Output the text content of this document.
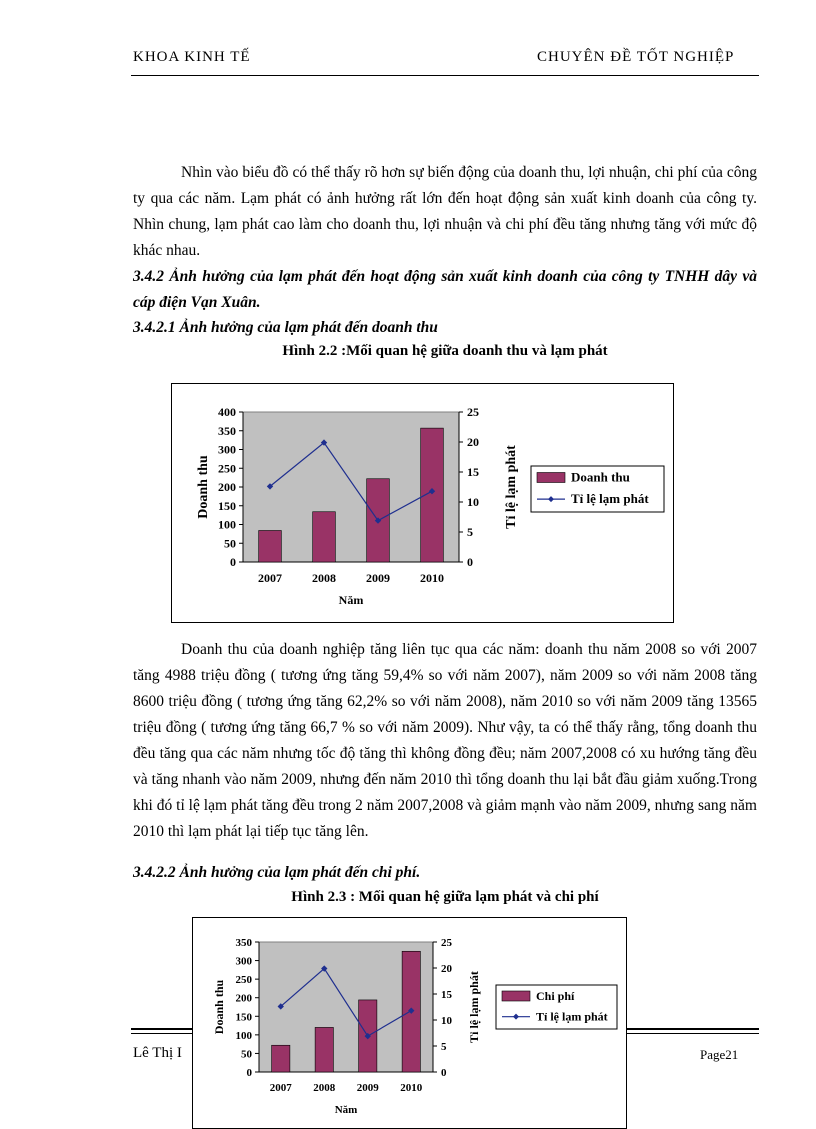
KHOA KINH TẾ	CHUYÊN ĐỀ TỐT NGHIỆP

Nhìn vào biểu đồ có thể thấy rõ hơn sự biến động của doanh thu, lợi nhuận, chi phí của công ty qua các năm. Lạm phát có ảnh hưởng rất lớn đến hoạt động sản xuất kinh doanh của công ty. Nhìn chung, lạm phát cao làm cho doanh thu, lợi nhuận và chi phí đều tăng nhưng tăng với mức độ khác nhau.

3.4.2 Ảnh hưởng của lạm phát đến hoạt động sản xuất kinh doanh của công ty TNHH dây và cáp điện Vạn Xuân.

3.4.2.1 Ảnh hưởng của lạm phát đến doanh thu

Hình 2.2 :Mối quan hệ giữa doanh thu và lạm phát

0
50
100
150
200
250
300
350
400
0
5
10
15
20
25
2007	2008	2009	2010
Năm
Doanh thu	Tỉ lệ lạm phát	Doanh thu
Tỉ lệ lạm phát

Doanh thu của doanh nghiệp tăng liên tục qua các năm: doanh thu năm 2008 so với 2007 tăng 4988 triệu đồng ( tương ứng tăng 59,4% so với năm 2007), năm 2009 so với năm 2008 tăng 8600 triệu đồng ( tương ứng tăng 62,2% so với năm 2008), năm 2010 so với năm 2009 tăng 13565 triệu đồng ( tương ứng tăng 66,7 % so với năm 2009). Như vậy, ta có thể thấy rằng, tổng doanh thu đều tăng qua các năm nhưng tốc độ tăng thì không đồng đều; năm 2007,2008 có xu hướng tăng đều và tăng nhanh vào năm 2009, nhưng đến năm 2010 thì tổng doanh thu lại bắt đầu giảm xuống.Trong khi đó tỉ lệ lạm phát tăng đều trong 2 năm 2007,2008 và giảm mạnh vào năm 2009, nhưng sang năm 2010 thì lạm phát lại tiếp tục tăng lên.

3.4.2.2 Ảnh hưởng của lạm phát đến chi phí.

Hình 2.3 : Mối quan hệ giữa lạm phát và chi phí

Lê Thị I	Page21
0
50
100
150
200
250
300
350
0
5
10
15
20
25
2007 2008 2009 2010
Năm
Doanh thu	Tỉ lệ lạm phát	Chi phí
Tỉ lệ lạm phát
